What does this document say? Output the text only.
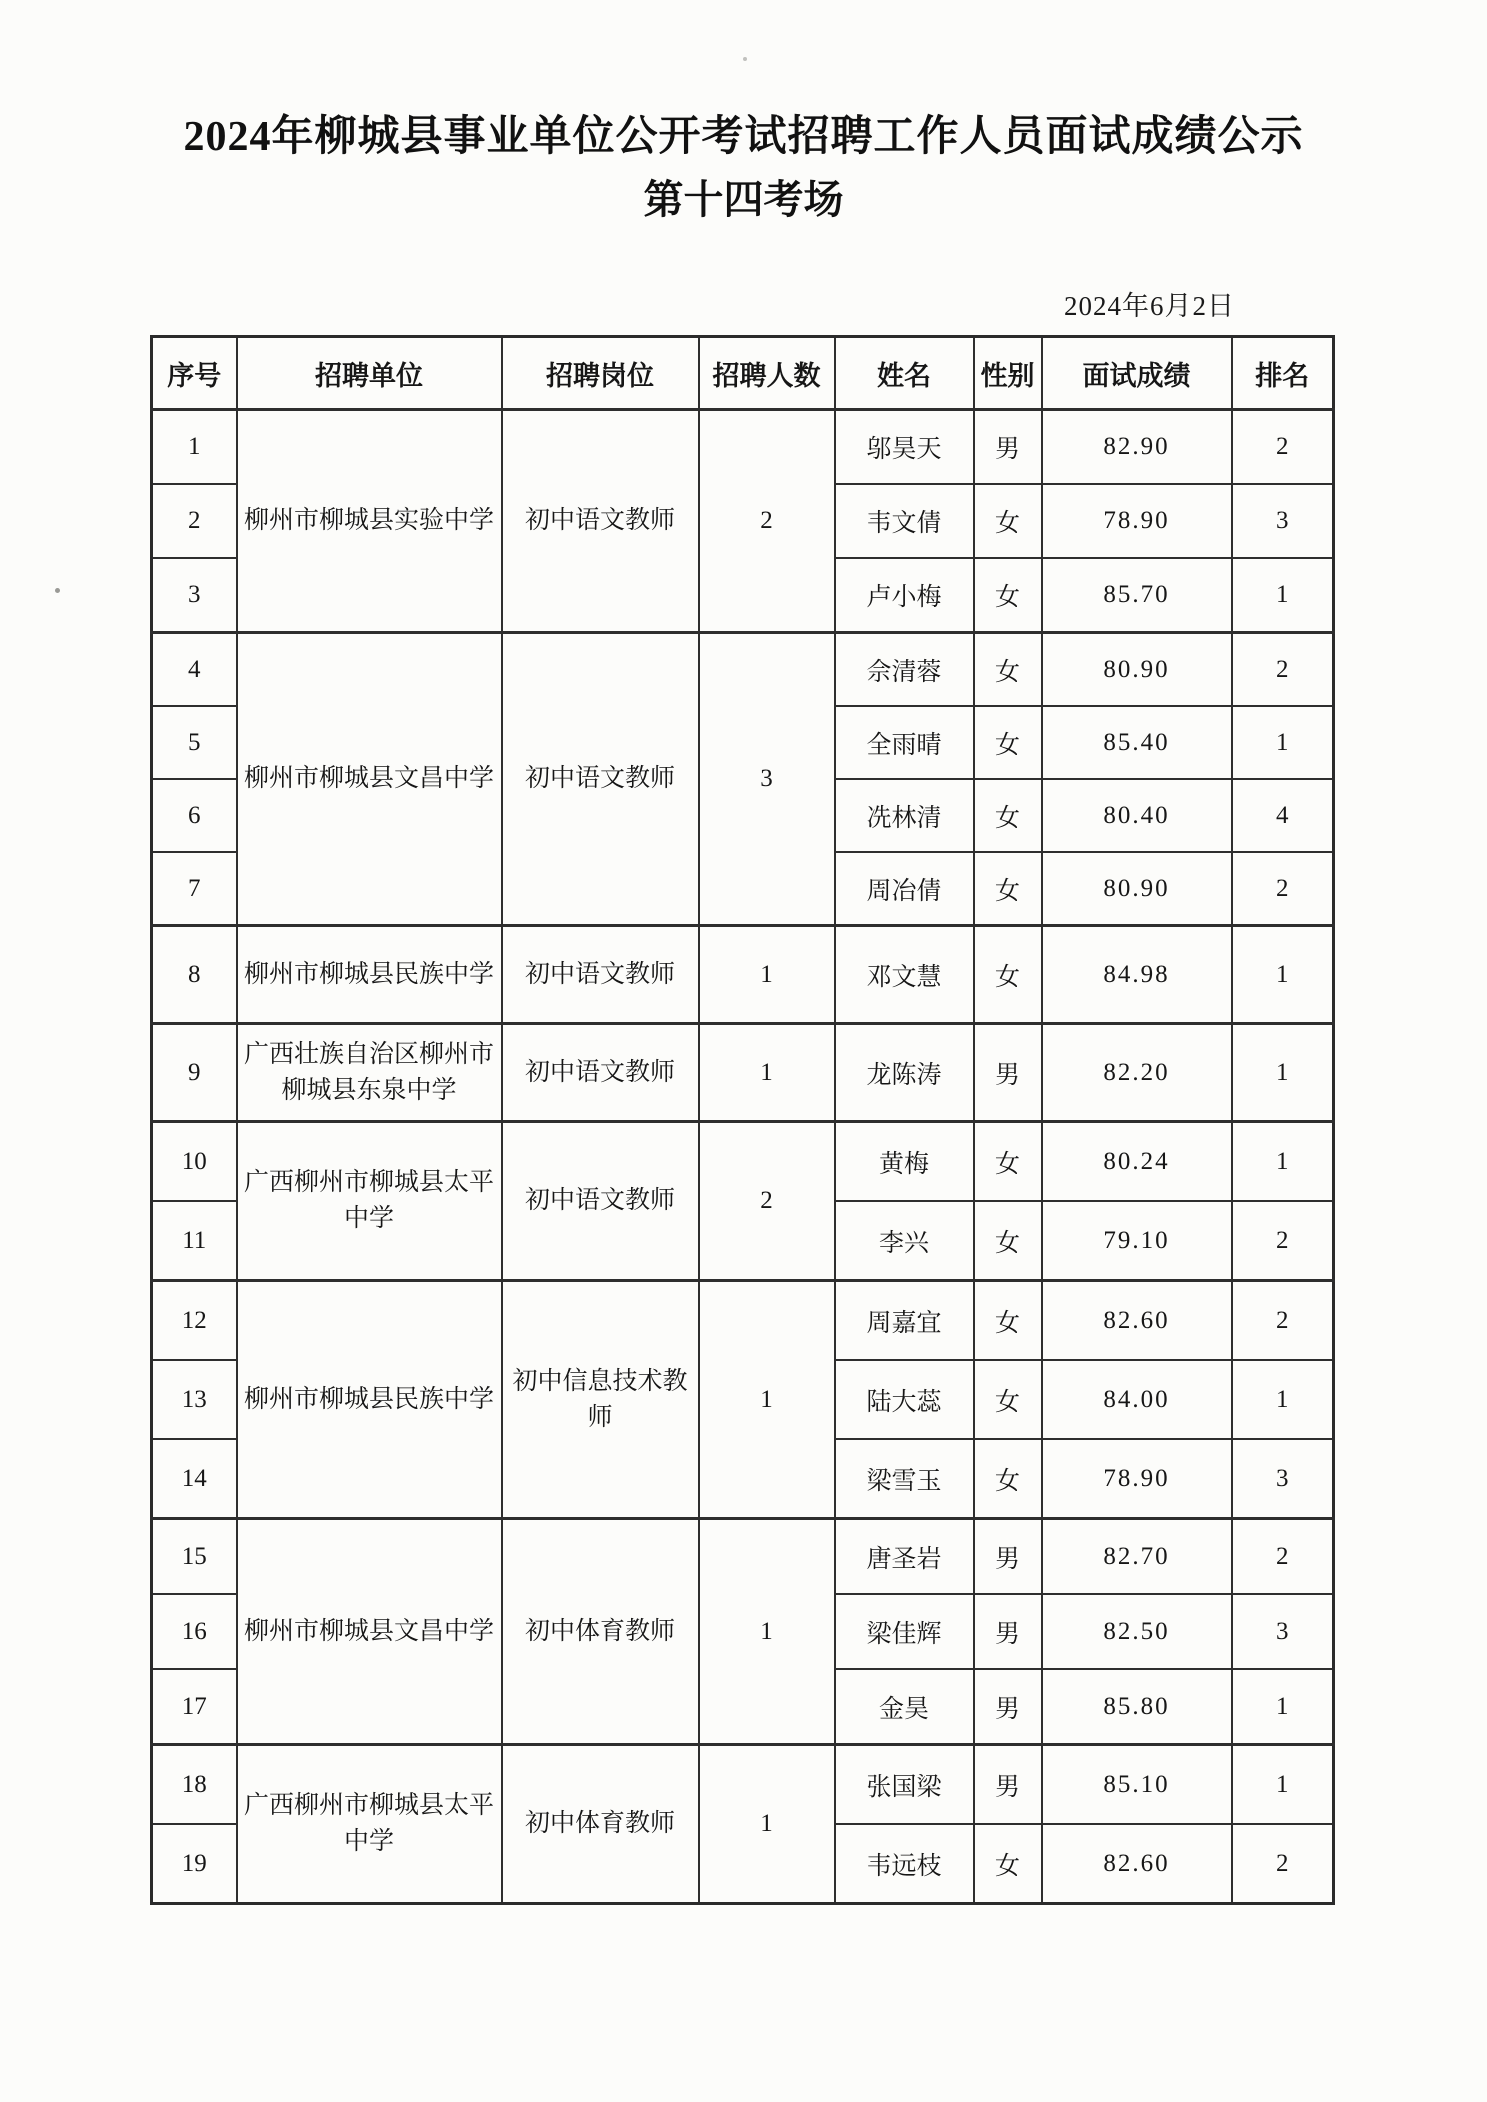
2024年柳城县事业单位公开考试招聘工作人员面试成绩公示
第十四考场
2024年6月2日
序号	招聘单位	招聘岗位	招聘人数	姓名	性别	面试成绩	排名
1	柳州市柳城县实验中学	初中语文教师	2	邬昊天	男	82.90	2
2				韦文倩	女	78.90	3
3				卢小梅	女	85.70	1
4	柳州市柳城县文昌中学	初中语文教师	3	佘清蓉	女	80.90	2
5				全雨晴	女	85.40	1
6				冼林清	女	80.40	4
7				周冶倩	女	80.90	2
8	柳州市柳城县民族中学	初中语文教师	1	邓文慧	女	84.98	1
9	广西壮族自治区柳州市柳城县东泉中学	初中语文教师	1	龙陈涛	男	82.20	1
10	广西柳州市柳城县太平中学	初中语文教师	2	黄梅	女	80.24	1
11				李兴	女	79.10	2
12	柳州市柳城县民族中学	初中信息技术教师	1	周嘉宜	女	82.60	2
13				陆大蕊	女	84.00	1
14				梁雪玉	女	78.90	3
15	柳州市柳城县文昌中学	初中体育教师	1	唐圣岩	男	82.70	2
16				梁佳辉	男	82.50	3
17				金昊	男	85.80	1
18	广西柳州市柳城县太平中学	初中体育教师	1	张国梁	男	85.10	1
19				韦远枝	女	82.60	2
